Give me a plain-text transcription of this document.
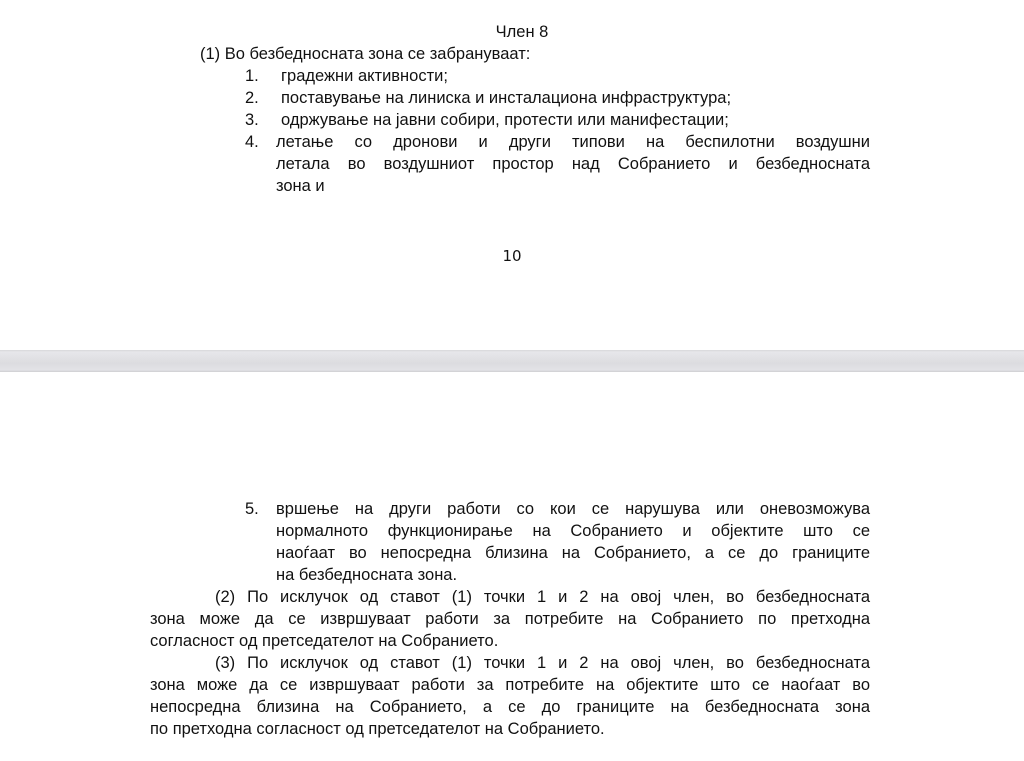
Член 8
(1) Во безбедносната зона се забрануваат:
1. градежни активности;
2. поставување на линиска и инсталациона инфраструктура;
3. одржување на јавни собири, протести или манифестации;
4. летање со дронови и други типови на беспилотни воздушни
летала во воздушниот простор над Собранието и безбедносната
зона и
10
5. вршење на други работи со кои се нарушува или оневозможува
нормалното функционирање на Собранието и објектите што се
наоѓаат во непосредна близина на Собранието, а се до границите
на безбедносната зона.
(2) По исклучок од ставот (1) точки 1 и 2 на овој член, во безбедносната
зона може да се извршуваат работи за потребите на Собранието по претходна
согласност од претседателот на Собранието.
(3) По исклучок од ставот (1) точки 1 и 2 на овој член, во безбедносната
зона може да се извршуваат работи за потребите на објектите што се наоѓаат во
непосредна близина на Собранието, а се до границите на безбедносната зона
по претходна согласност од претседателот на Собранието.
